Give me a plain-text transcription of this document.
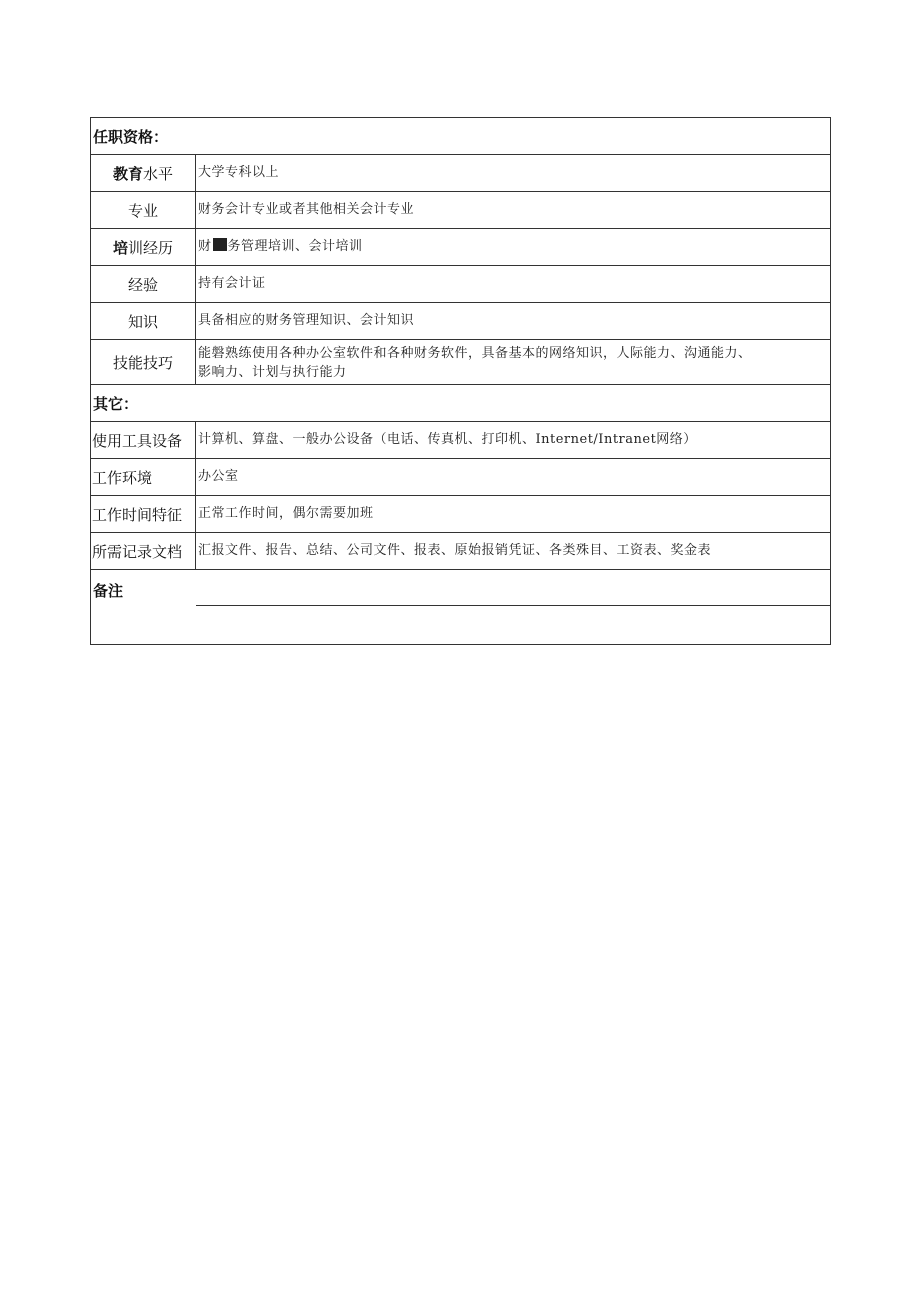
任职资格：	
教育水平	大学专科以上
专业	财务会计专业或者其他相关会计专业
培训经历	财 务管理培训、会计培训
经验	持有会计证
知识	具备相应的财务管理知识、会计知识
技能技巧	能磐熟练使用各种办公室软件和各种财务软件，具备基本的网络知识，人际能力、沟通能力、
影响力、计划与执行能力

其它：	
使用工具设备	计算机、算盘、一般办公设备（电话、传真机、打印机、Internet/Intranet网络）
工作环境	办公室
工作时间特征	正常工作时间，偶尔需要加班
所需记录文档	汇报文件、报告、总结、公司文件、报表、原始报销凭证、各类殊目、工资表、奖金表
备注	
